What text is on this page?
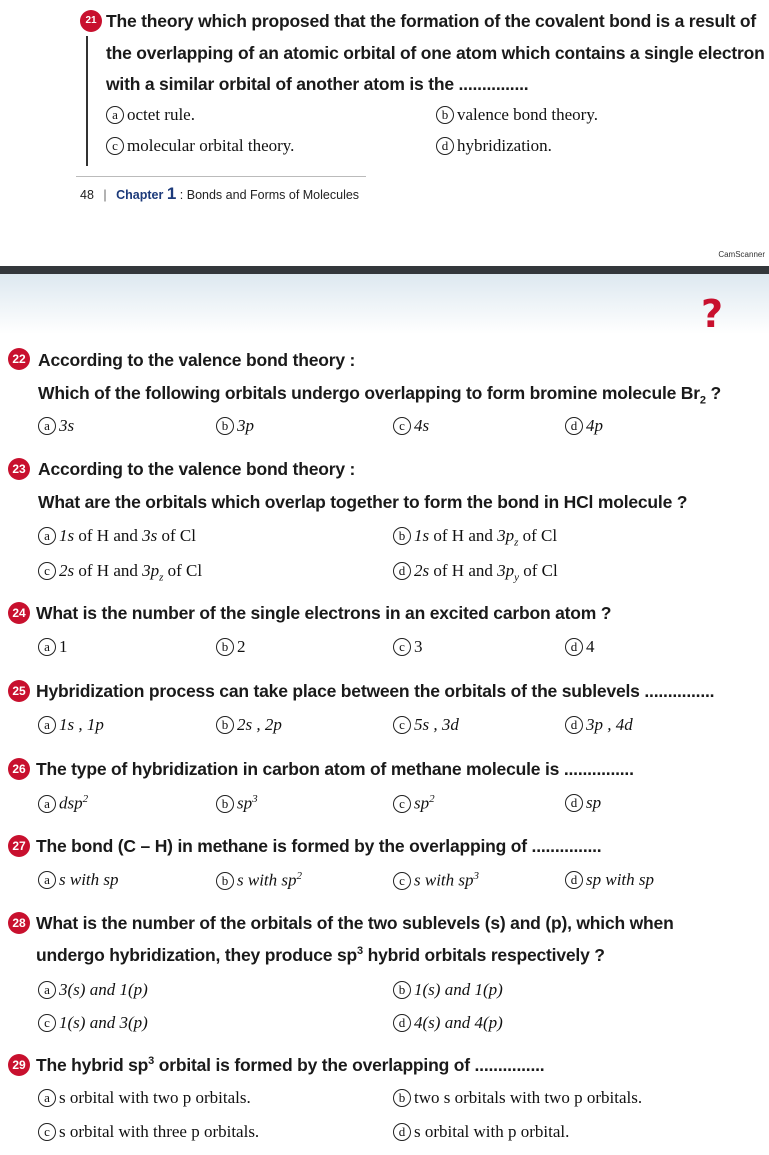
21 The theory which proposed that the formation of the covalent bond is a result of
the overlapping of an atomic orbital of one atom which contains a single electron
with a similar orbital of another atom is the ...............
a octet rule.	b valence bond theory.
c molecular orbital theory.	d hybridization.
48 | Chapter 1 : Bonds and Forms of Molecules
CamScanner
?
22 According to the valence bond theory :
Which of the following orbitals undergo overlapping to form bromine molecule $Br_2$ ?
a 3s	b 3p	c 4s	d 4p
23 According to the valence bond theory :
What are the orbitals which overlap together to form the bond in HCl molecule ?
a 1s of H and 3s of Cl	b 1s of H and $3p_z$ of Cl
c 2s of H and $3p_z$ of Cl	d 2s of H and $3p_y$ of Cl
24 What is the number of the single electrons in an excited carbon atom ?
a 1	b 2	c 3	d 4
25 Hybridization process can take place between the orbitals of the sublevels ...............
a 1s , 1p	b 2s , 2p	c 5s , 3d	d 3p , 4d
26 The type of hybridization in carbon atom of methane molecule is ...............
a dsp$^2$	b $sp^3$	c $sp^2$	d sp
27 The bond (C – H) in methane is formed by the overlapping of ...............
a s with sp	b s with $sp^2$	c s with $sp^3$	d sp with sp
28 What is the number of the orbitals of the two sublevels (s) and (p), which when
undergo hybridization, they produce $sp^3$ hybrid orbitals respectively ?
a 3(s) and 1(p)	b 1(s) and 1(p)
c 1(s) and 3(p)	d 4(s) and 4(p)
29 The hybrid $sp^3$ orbital is formed by the overlapping of ...............
a s orbital with two p orbitals.	b two s orbitals with two p orbitals.
c s orbital with three p orbitals.	d s orbital with p orbital.
